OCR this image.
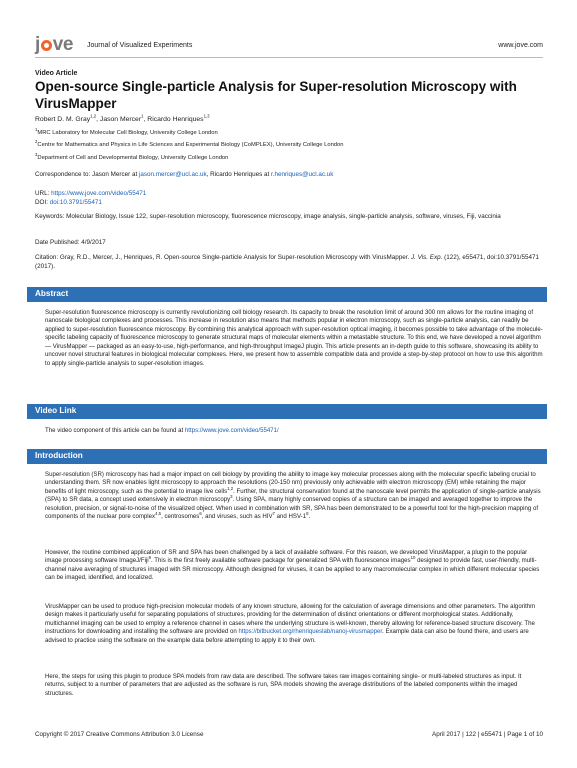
j ve Journal of Visualized Experiments	www.jove.com
Video Article
Open-source Single-particle Analysis for Super-resolution Microscopy with VirusMapper
Robert D. M. Gray$^{1,2}$, Jason Mercer$^1$, Ricardo Henriques$^{1,3}$
$^1$MRC Laboratory for Molecular Cell Biology, University College London
$^2$Centre for Mathematics and Physics in Life Sciences and Experimental Biology (CoMPLEX), University College London
$^3$Department of Cell and Developmental Biology, University College London
Correspondence to: Jason Mercer at jason.mercer@ucl.ac.uk, Ricardo Henriques at r.henriques@ucl.ac.uk
URL: https://www.jove.com/video/55471
DOI: doi:10.3791/55471
Keywords: Molecular Biology, Issue 122, super-resolution microscopy, fluorescence microscopy, image analysis, single-particle analysis, software, viruses, Fiji, vaccinia
Date Published: 4/9/2017
Citation: Gray, R.D., Mercer, J., Henriques, R. Open-source Single-particle Analysis for Super-resolution Microscopy with VirusMapper. J. Vis. Exp. (122), e55471, doi:10.3791/55471 (2017).
Abstract
Super-resolution fluorescence microscopy is currently revolutionizing cell biology research. Its capacity to break the resolution limit of around 300 nm allows for the routine imaging of nanoscale biological complexes and processes. This increase in resolution also means that methods popular in electron microscopy, such as single-particle analysis, can readily be applied to super-resolution fluorescence microscopy. By combining this analytical approach with super-resolution optical imaging, it becomes possible to take advantage of the molecule-specific labeling capacity of fluorescence microscopy to generate structural maps of molecular elements within a metastable structure. To this end, we have developed a novel algorithm — VirusMapper — packaged as an easy-to-use, high-performance, and high-throughput ImageJ plugin. This article presents an in-depth guide to this software, showcasing its ability to uncover novel structural features in biological molecular complexes. Here, we present how to assemble compatible data and provide a step-by-step protocol on how to use this algorithm to apply single-particle analysis to super-resolution images.
Video Link
The video component of this article can be found at https://www.jove.com/video/55471/
Introduction
Super-resolution (SR) microscopy has had a major impact on cell biology by providing the ability to image key molecular processes along with the molecular specific labeling crucial to understanding them. SR now enables light microscopy to approach the resolutions (20-150 nm) previously only achievable with electron microscopy (EM) while retaining the major benefits of light microscopy, such as the potential to image live cells$^{1,2}$. Further, the structural conservation found at the nanoscale level permits the application of single-particle analysis (SPA) to SR data, a concept used extensively in electron microscopy$^3$. Using SPA, many highly conserved copies of a structure can be imaged and averaged together to improve the resolution, precision, or signal-to-noise of the visualized object. When used in combination with SR, SPA has been demonstrated to be a powerful tool for the high-precision mapping of components of the nuclear pore complex$^{4,5}$, centrosomes$^6$, and viruses, such as HIV$^7$ and HSV-$1^8$.
However, the routine combined application of SR and SPA has been challenged by a lack of available software. For this reason, we developed VirusMapper, a plugin to the popular image processing software ImageJ/Fiji$^9$. This is the first freely available software package for generalized SPA with fluorescence images$^{10}$ designed to provide fast, user-friendly, multi-channel naive averaging of structures imaged with SR microscopy. Although designed for viruses, it can be applied to any macromolecular complex in which different molecular species can be imaged, identified, and localized.
VirusMapper can be used to produce high-precision molecular models of any known structure, allowing for the calculation of average dimensions and other parameters. The algorithm design makes it particularly useful for separating populations of structures, providing for the determination of distinct orientations or different morphological states. Additionally, multichannel imaging can be used to employ a reference channel in cases where the underlying structure is well-known, thereby allowing for reference-based structure discovery. The instructions for downloading and installing the software are provided on https://bitbucket.org/rhenriqueslab/nanoj-virusmapper. Example data can also be found there, and users are advised to practice using the software on the example data before attempting to apply it to their own.
Here, the steps for using this plugin to produce SPA models from raw data are described. The software takes raw images containing single- or multi-labeled structures as input. It returns, subject to a number of parameters that are adjusted as the software is run, SPA models showing the average distributions of the labeled components within the imaged structures.
Copyright © 2017 Creative Commons Attribution 3.0 License	April 2017 | 122 | e55471 | Page 1 of 10
